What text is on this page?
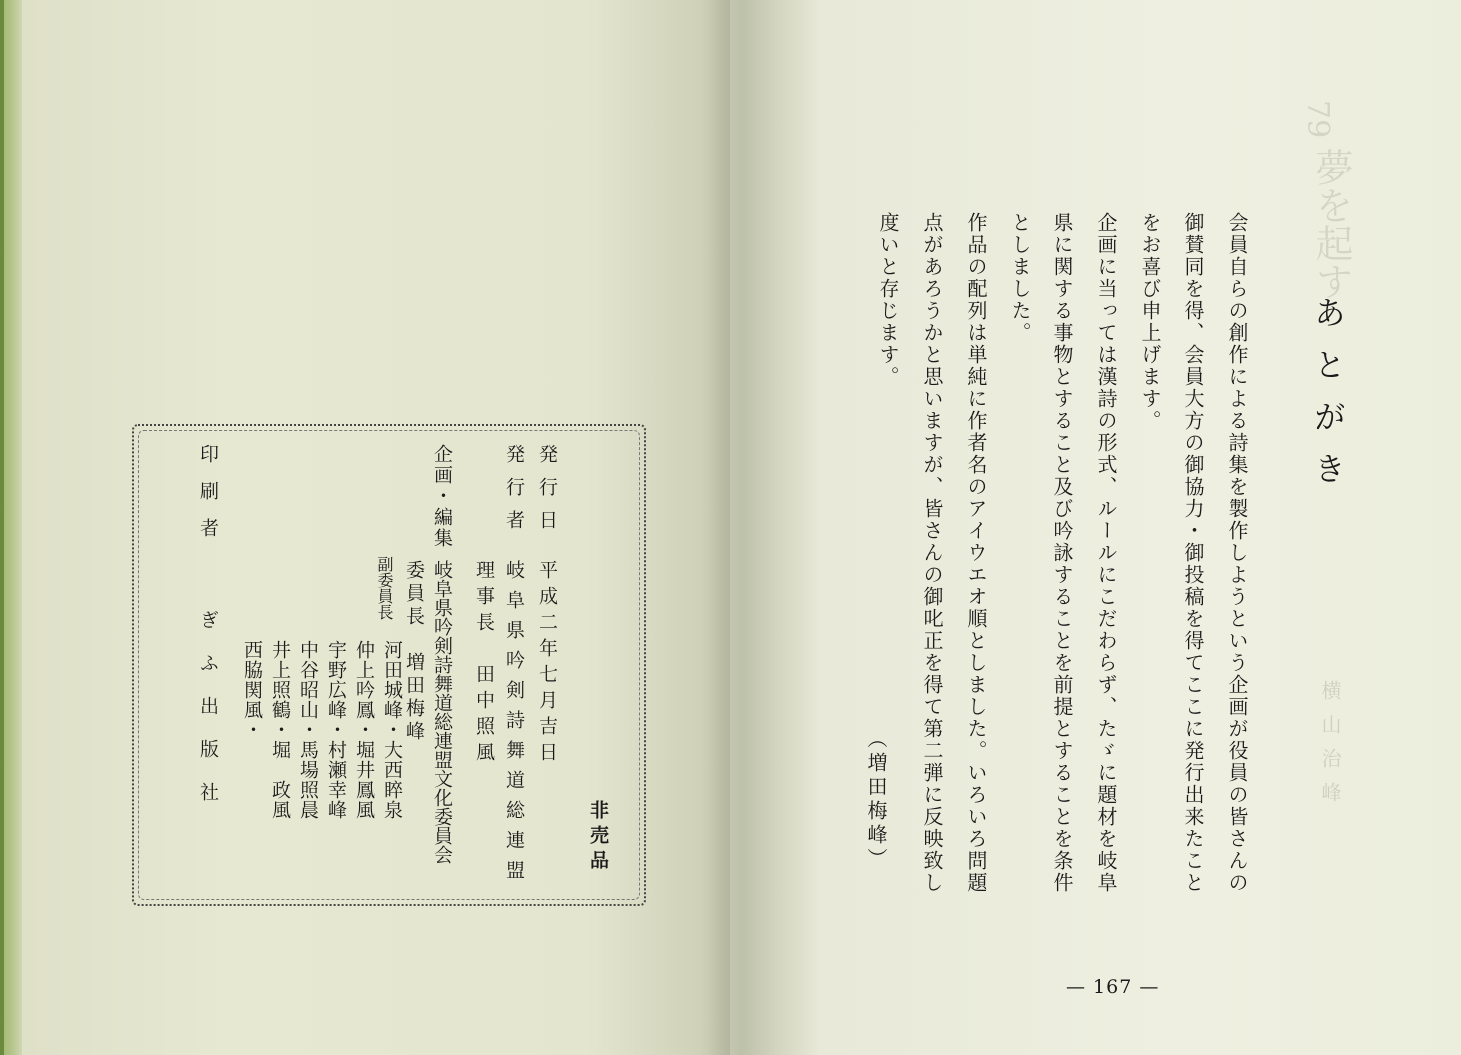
79
夢を起す
横山治峰
非売品
発行日
平成二年七月吉日
発行者
岐阜県吟剣詩舞道総連盟
理事長　田中照風
企画・編集
岐阜県吟剣詩舞道総連盟文化委員会
委員長　増田梅峰
副委員長
河田城峰・大西睟泉
仲上吟鳳・堀井鳳風
宇野広峰・村瀬幸峰
中谷昭山・馬場照晨
井上照鶴・堀　政風
西脇関風・
印刷者
ぎふ出版社
あとがき
会員自らの創作による詩集を製作しようという企画が役員の皆さんの
御賛同を得、会員大方の御協力・御投稿を得てここに発行出来たこと
をお喜び申上げます。
企画に当っては漢詩の形式、ルールにこだわらず、たゞに題材を岐阜
県に関する事物とすること及び吟詠することを前提とすることを条件
としました。
作品の配列は単純に作者名のアイウエオ順としました。いろいろ問題
点があろうかと思いますが、皆さんの御叱正を得て第二弾に反映致し
度いと存じます。
（増田梅峰）
— 167 —
